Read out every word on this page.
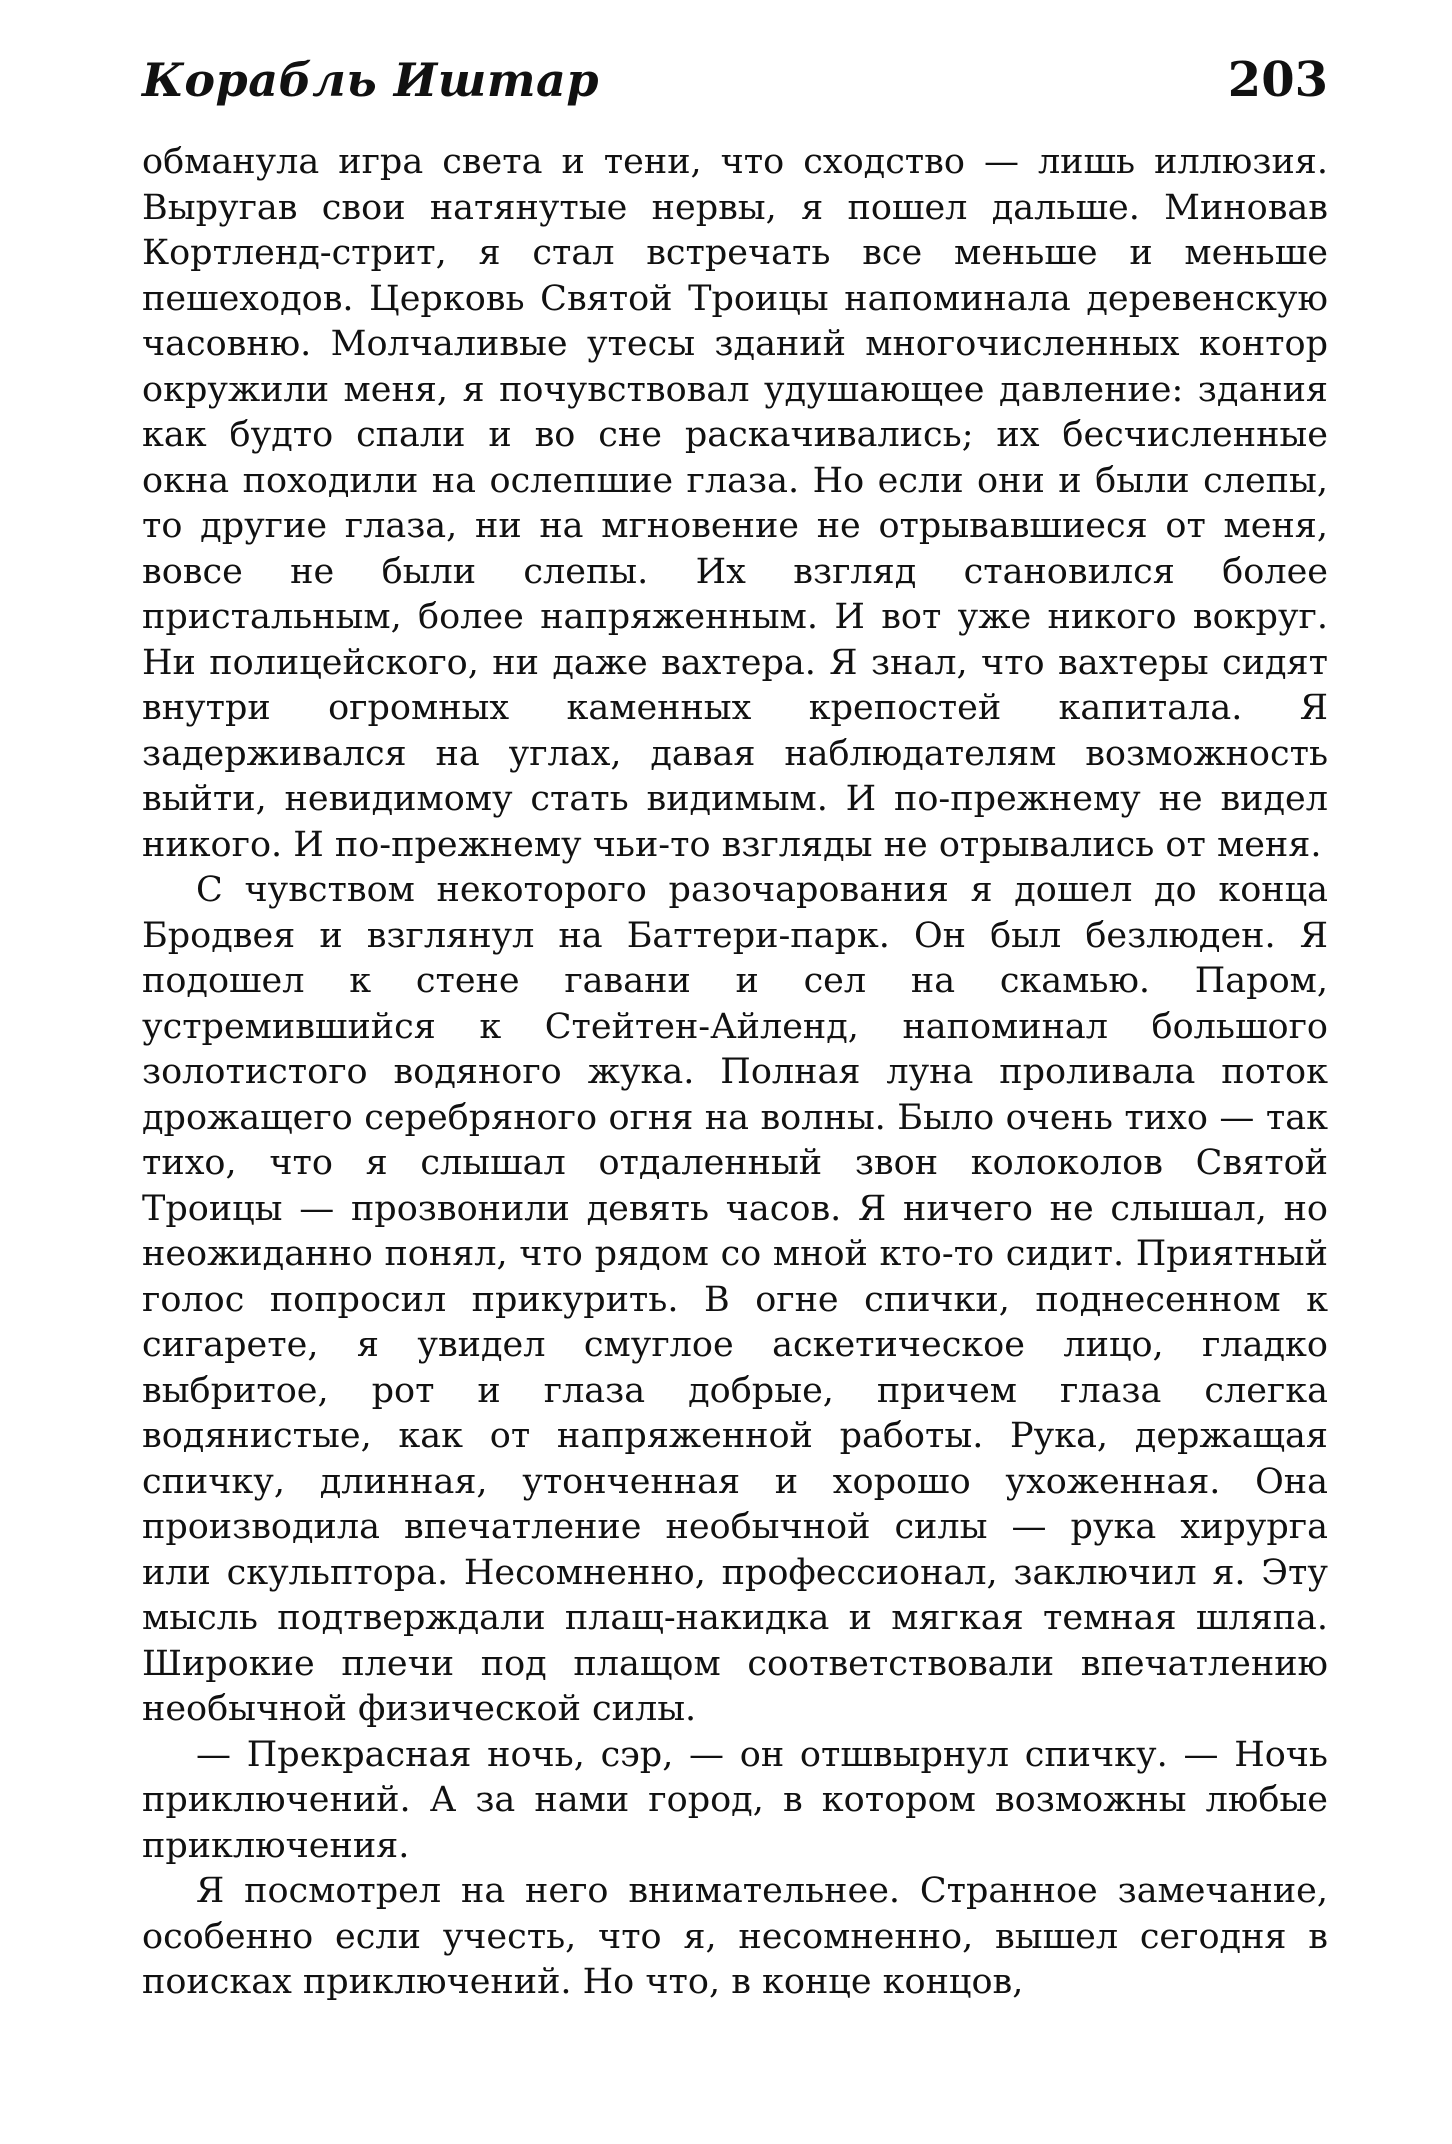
Корабль Иштар	203

обманула игра света и тени, что сходство — лишь иллюзия. Выругав свои натянутые нервы, я пошел дальше. Миновав Кортленд-стрит, я стал встречать все меньше и меньше пешеходов. Церковь Святой Троицы напоминала деревенскую часовню. Молчаливые утесы зданий многочисленных контор окружили меня, я почувствовал удушающее давление: здания как будто спали и во сне раскачивались; их бесчисленные окна походили на ослепшие глаза. Но если они и были слепы, то другие глаза, ни на мгновение не отрывавшиеся от меня, вовсе не были слепы. Их взгляд становился более пристальным, более напряженным. И вот уже никого вокруг. Ни полицейского, ни даже вахтера. Я знал, что вахтеры сидят внутри огромных каменных крепостей капитала. Я задерживался на углах, давая наблюдателям возможность выйти, невидимому стать видимым. И по-прежнему не видел никого. И по-прежнему чьи-то взгляды не отрывались от меня.

С чувством некоторого разочарования я дошел до конца Бродвея и взглянул на Баттери-парк. Он был безлюден. Я подошел к стене гавани и сел на скамью. Паром, устремившийся к Стейтен-Айленд, напоминал большого золотистого водяного жука. Полная луна проливала поток дрожащего серебряного огня на волны. Было очень тихо — так тихо, что я слышал отдаленный звон колоколов Святой Троицы — прозвонили девять часов. Я ничего не слышал, но неожиданно понял, что рядом со мной кто-то сидит. Приятный голос попросил прикурить. В огне спички, поднесенном к сигарете, я увидел смуглое аскетическое лицо, гладко выбритое, рот и глаза добрые, причем глаза слегка водянистые, как от напряженной работы. Рука, держащая спичку, длинная, утонченная и хорошо ухоженная. Она производила впечатление необычной силы — рука хирурга или скульптора. Несомненно, профессионал, заключил я. Эту мысль подтверждали плащ-накидка и мягкая темная шляпа. Широкие плечи под плащом соответствовали впечатлению необычной физической силы.

— Прекрасная ночь, сэр, — он отшвырнул спичку. — Ночь приключений. А за нами город, в котором возможны любые приключения.

Я посмотрел на него внимательнее. Странное замечание, особенно если учесть, что я, несомненно, вышел сегодня в поисках приключений. Но что, в конце концов,
